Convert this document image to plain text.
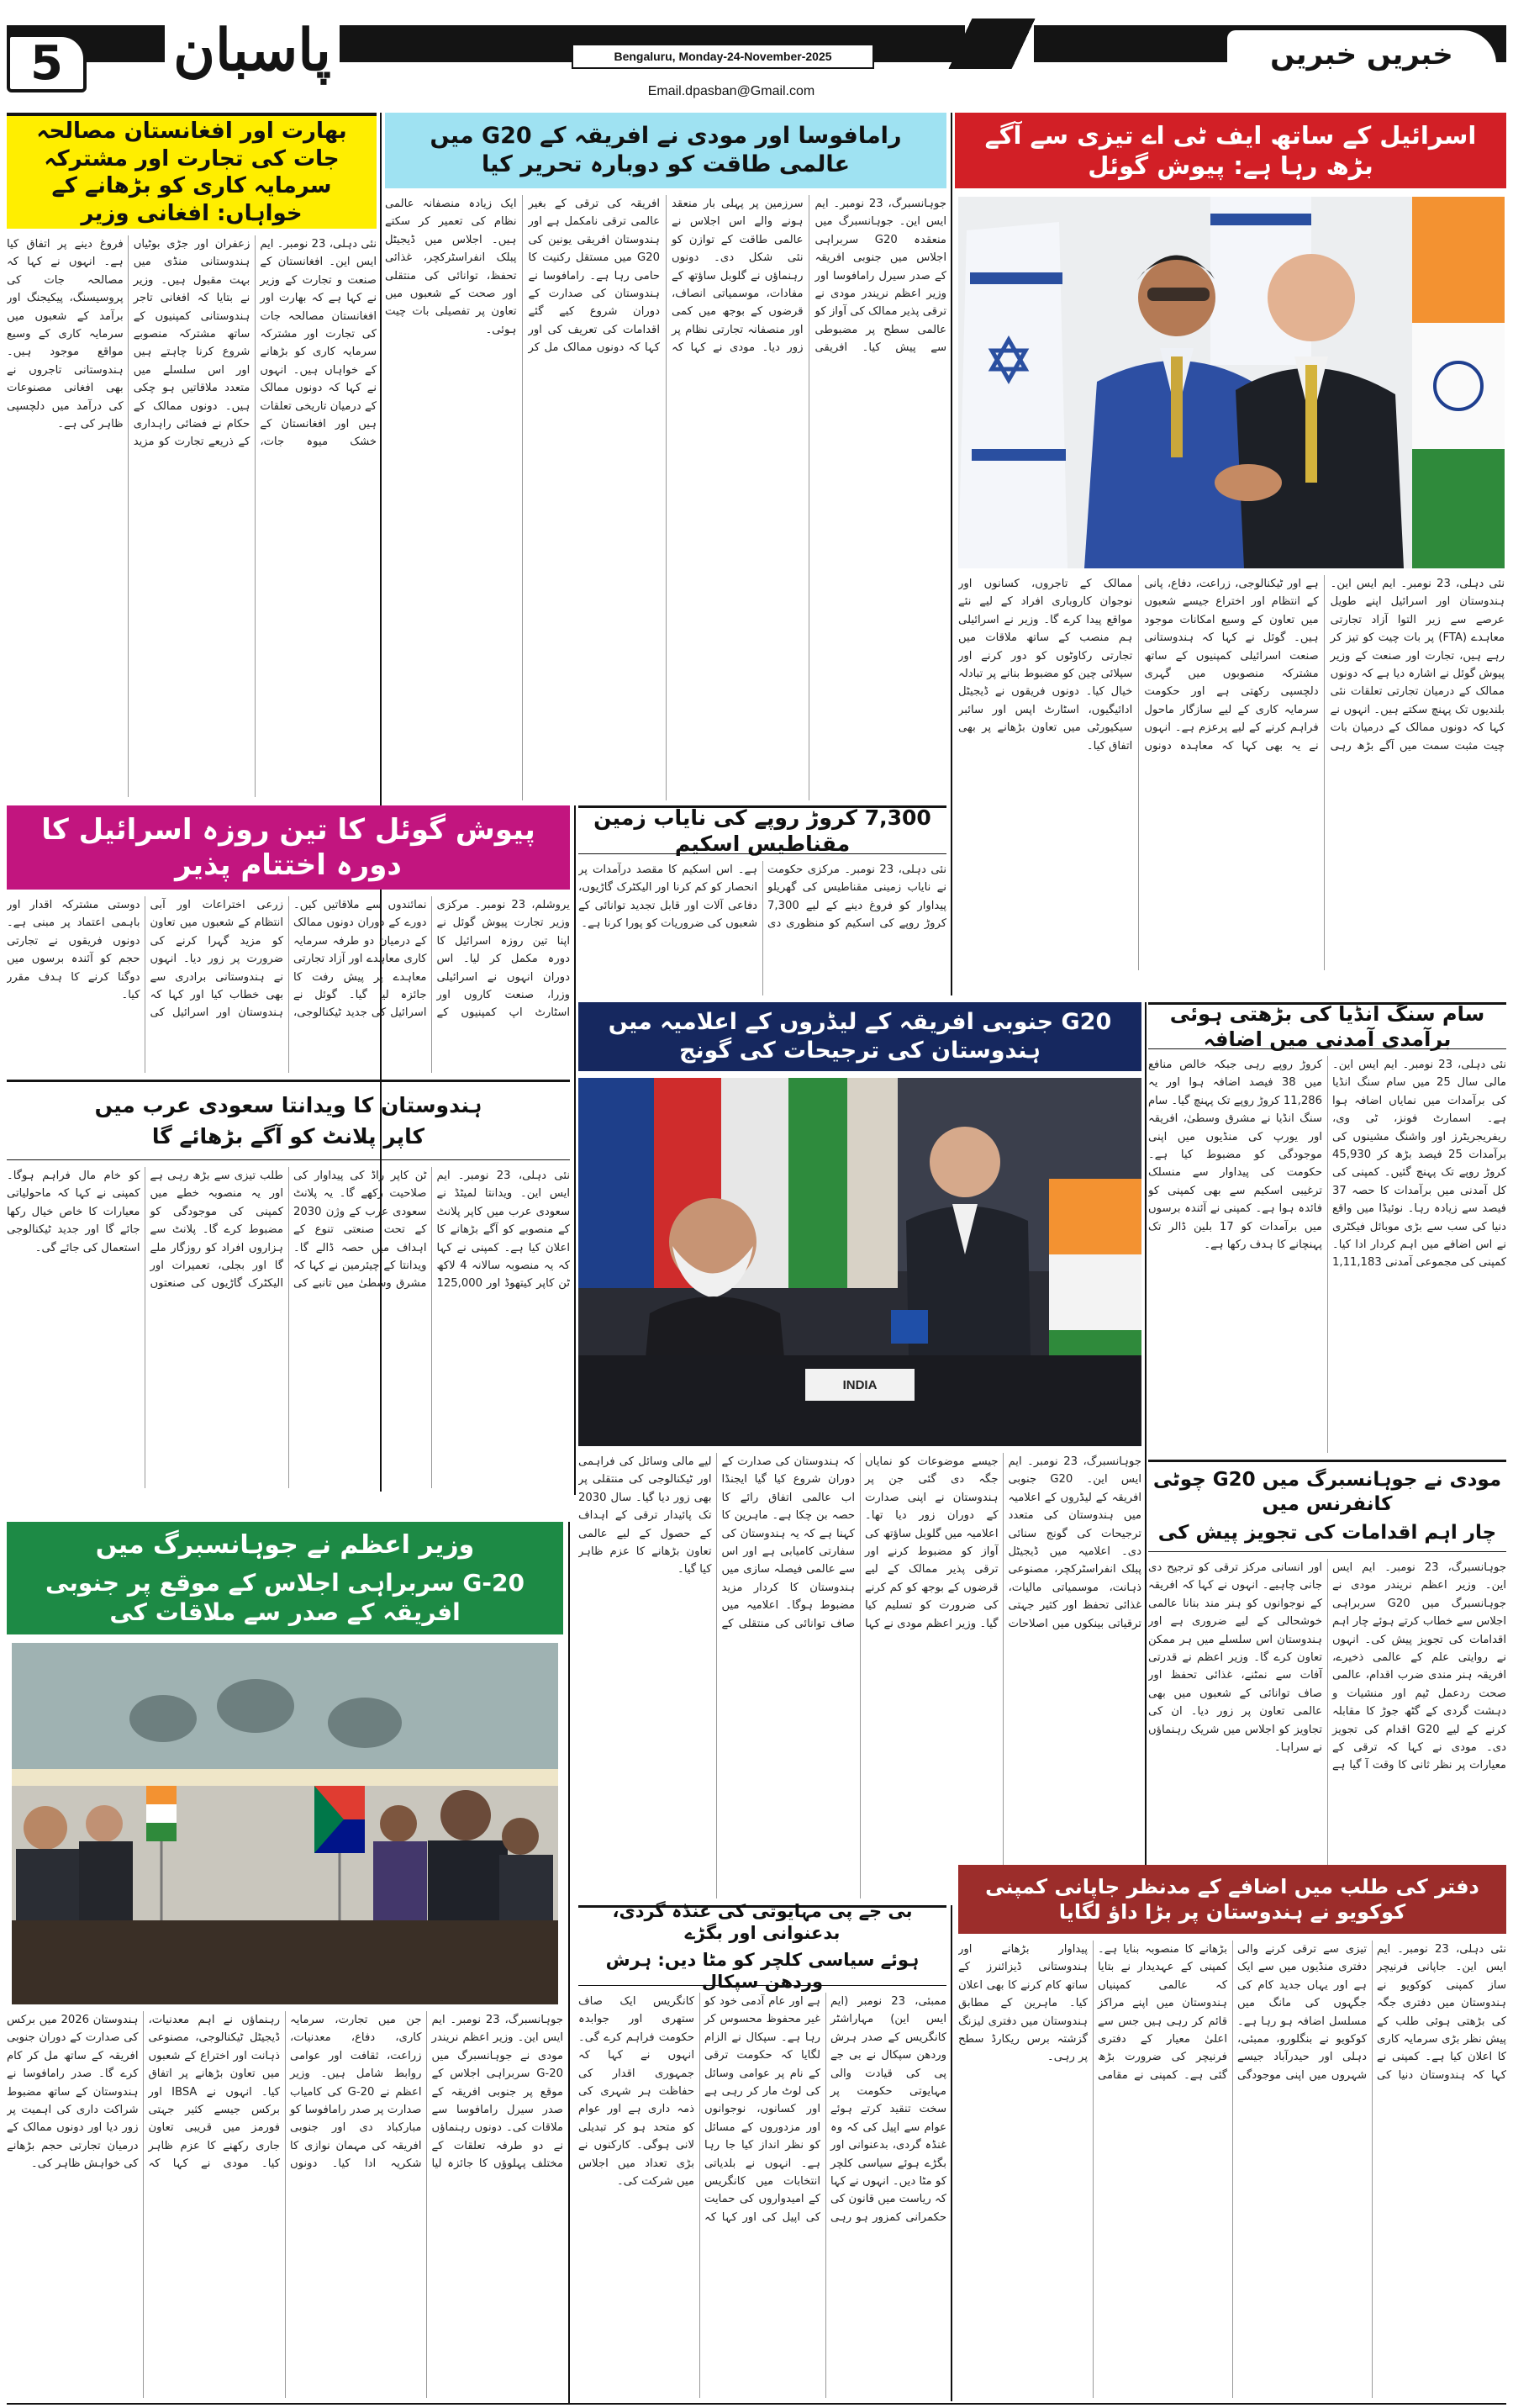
5 پاسبان	Bengaluru, Monday-24-November-2025
Email.dpasban@Gmail.com
خبریں خبریں
بھارت اور افغانستان مصالحہ جات کی تجارت اور مشترکہ سرمایہ کاری کو بڑھانے کے خواہاں: افغانی وزیر
رامافوسا اور مودی نے افریقہ کے G20 میں عالمی طاقت کو دوبارہ تحریر کیا
اسرائیل کے ساتھ ایف ٹی اے تیزی سے آگے بڑھ رہا ہے: پیوش گوئل

نئی دہلی، 23 نومبر۔ ایم ایس این۔ ہندوستان اور اسرائیل اپنے طویل عرصے سے زیر التوا آزاد تجارتی معاہدے (FTA) پر بات چیت کو تیز کر رہے ہیں، تجارت اور صنعت کے وزیر پیوش گوئل نے اشارہ دیا ہے کہ دونوں ممالک کے درمیان تجارتی تعلقات نئی بلندیوں تک پہنچ سکتے ہیں۔ انہوں نے کہا کہ دونوں ممالک کے درمیان بات چیت مثبت سمت میں آگے بڑھ رہی ہے اور ٹیکنالوجی، زراعت، دفاع، پانی کے انتظام اور اختراع جیسے شعبوں میں تعاون کے وسیع امکانات موجود ہیں۔ گوئل نے کہا کہ ہندوستانی صنعت اسرائیلی کمپنیوں کے ساتھ مشترکہ منصوبوں میں گہری دلچسپی رکھتی ہے اور حکومت سرمایہ کاری کے لیے سازگار ماحول فراہم کرنے کے لیے پرعزم ہے۔ انہوں نے یہ بھی کہا کہ معاہدہ دونوں ممالک کے تاجروں، کسانوں اور نوجوان کاروباری افراد کے لیے نئے مواقع پیدا کرے گا۔ وزیر نے اسرائیلی ہم منصب کے ساتھ ملاقات میں تجارتی رکاوٹوں کو دور کرنے اور سپلائی چین کو مضبوط بنانے پر تبادلہ خیال کیا۔ دونوں فریقوں نے ڈیجیٹل ادائیگیوں، اسٹارٹ اپس اور سائبر سیکیورٹی میں تعاون بڑھانے پر بھی اتفاق کیا۔

جوہانسبرگ، 23 نومبر۔ ایم ایس این۔ جوہانسبرگ میں منعقدہ G20 سربراہی اجلاس میں جنوبی افریقہ کے صدر سیرل رامافوسا اور وزیر اعظم نریندر مودی نے ترقی پذیر ممالک کی آواز کو عالمی سطح پر مضبوطی سے پیش کیا۔ افریقی سرزمین پر پہلی بار منعقد ہونے والے اس اجلاس نے عالمی طاقت کے توازن کو نئی شکل دی۔ دونوں رہنماؤں نے گلوبل ساؤتھ کے مفادات، موسمیاتی انصاف، قرضوں کے بوجھ میں کمی اور منصفانہ تجارتی نظام پر زور دیا۔ مودی نے کہا کہ افریقہ کی ترقی کے بغیر عالمی ترقی نامکمل ہے اور ہندوستان افریقی یونین کی G20 میں مستقل رکنیت کا حامی رہا ہے۔ رامافوسا نے ہندوستان کی صدارت کے دوران شروع کیے گئے اقدامات کی تعریف کی اور کہا کہ دونوں ممالک مل کر ایک زیادہ منصفانہ عالمی نظام کی تعمیر کر سکتے ہیں۔ اجلاس میں ڈیجیٹل پبلک انفراسٹرکچر، غذائی تحفظ، توانائی کی منتقلی اور صحت کے شعبوں میں تعاون پر تفصیلی بات چیت ہوئی۔

نئی دہلی، 23 نومبر۔ ایم ایس این۔ افغانستان کے صنعت و تجارت کے وزیر نے کہا ہے کہ بھارت اور افغانستان مصالحہ جات کی تجارت اور مشترکہ سرمایہ کاری کو بڑھانے کے خواہاں ہیں۔ انہوں نے کہا کہ دونوں ممالک کے درمیان تاریخی تعلقات ہیں اور افغانستان کے خشک میوہ جات، زعفران اور جڑی بوٹیاں ہندوستانی منڈی میں بہت مقبول ہیں۔ وزیر نے بتایا کہ افغانی تاجر ہندوستانی کمپنیوں کے ساتھ مشترکہ منصوبے شروع کرنا چاہتے ہیں اور اس سلسلے میں متعدد ملاقاتیں ہو چکی ہیں۔ دونوں ممالک کے حکام نے فضائی راہداری کے ذریعے تجارت کو مزید فروغ دینے پر اتفاق کیا ہے۔ انہوں نے کہا کہ مصالحہ جات کی پروسیسنگ، پیکیجنگ اور برآمد کے شعبوں میں سرمایہ کاری کے وسیع مواقع موجود ہیں۔ ہندوستانی تاجروں نے بھی افغانی مصنوعات کی درآمد میں دلچسپی ظاہر کی ہے۔

پیوش گوئل کا تین روزہ اسرائیل کا دورہ اختتام پذیر

یروشلم، 23 نومبر۔ مرکزی وزیر تجارت پیوش گوئل نے اپنا تین روزہ اسرائیل کا دورہ مکمل کر لیا۔ اس دوران انہوں نے اسرائیلی وزرا، صنعت کاروں اور اسٹارٹ اپ کمپنیوں کے نمائندوں سے ملاقاتیں کیں۔ دورے کے دوران دونوں ممالک کے درمیان دو طرفہ سرمایہ کاری معاہدے اور آزاد تجارتی معاہدے پر پیش رفت کا جائزہ لیا گیا۔ گوئل نے اسرائیل کی جدید ٹیکنالوجی، زرعی اختراعات اور آبی انتظام کے شعبوں میں تعاون کو مزید گہرا کرنے کی ضرورت پر زور دیا۔ انہوں نے ہندوستانی برادری سے بھی خطاب کیا اور کہا کہ ہندوستان اور اسرائیل کی دوستی مشترکہ اقدار اور باہمی اعتماد پر مبنی ہے۔ دونوں فریقوں نے تجارتی حجم کو آئندہ برسوں میں دوگنا کرنے کا ہدف مقرر کیا۔

7,300 کروڑ روپے کی نایاب زمین مقناطیس اسکیم

نئی دہلی، 23 نومبر۔ مرکزی حکومت نے نایاب زمینی مقناطیس کی گھریلو پیداوار کو فروغ دینے کے لیے 7,300 کروڑ روپے کی اسکیم کو منظوری دی ہے۔ اس اسکیم کا مقصد درآمدات پر انحصار کو کم کرنا اور الیکٹرک گاڑیوں، دفاعی آلات اور قابل تجدید توانائی کے شعبوں کی ضروریات کو پورا کرنا ہے۔

G20 جنوبی افریقہ کے لیڈروں کے اعلامیہ میں ہندوستان کی ترجیحات کی گونج
سام سنگ انڈیا کی بڑھتی ہوئی برآمدی آمدنی میں اضافہ

نئی دہلی، 23 نومبر۔ ایم ایس این۔ مالی سال 25 میں سام سنگ انڈیا کی برآمدات میں نمایاں اضافہ ہوا ہے۔ اسمارٹ فونز، ٹی وی، ریفریجریٹرز اور واشنگ مشینوں کی برآمدات 25 فیصد بڑھ کر 45,930 کروڑ روپے تک پہنچ گئیں۔ کمپنی کی کل آمدنی میں برآمدات کا حصہ 37 فیصد سے زیادہ رہا۔ نوئیڈا میں واقع دنیا کی سب سے بڑی موبائل فیکٹری نے اس اضافے میں اہم کردار ادا کیا۔ کمپنی کی مجموعی آمدنی 1,11,183 کروڑ روپے رہی جبکہ خالص منافع میں 38 فیصد اضافہ ہوا اور یہ 11,286 کروڑ روپے تک پہنچ گیا۔ سام سنگ انڈیا نے مشرق وسطیٰ، افریقہ اور یورپ کی منڈیوں میں اپنی موجودگی کو مضبوط کیا ہے۔ حکومت کی پیداوار سے منسلک ترغیبی اسکیم سے بھی کمپنی کو فائدہ ہوا ہے۔ کمپنی نے آئندہ برسوں میں برآمدات کو 17 بلین ڈالر تک پہنچانے کا ہدف رکھا ہے۔

INDIA

جوہانسبرگ، 23 نومبر۔ ایم ایس این۔ G20 جنوبی افریقہ کے لیڈروں کے اعلامیہ میں ہندوستان کی متعدد ترجیحات کی گونج سنائی دی۔ اعلامیہ میں ڈیجیٹل پبلک انفراسٹرکچر، مصنوعی ذہانت، موسمیاتی مالیات، غذائی تحفظ اور کثیر جہتی ترقیاتی بینکوں میں اصلاحات جیسے موضوعات کو نمایاں جگہ دی گئی جن پر ہندوستان نے اپنی صدارت کے دوران زور دیا تھا۔ اعلامیہ میں گلوبل ساؤتھ کی آواز کو مضبوط کرنے اور ترقی پذیر ممالک کے لیے قرضوں کے بوجھ کو کم کرنے کی ضرورت کو تسلیم کیا گیا۔ وزیر اعظم مودی نے کہا کہ ہندوستان کی صدارت کے دوران شروع کیا گیا ایجنڈا اب عالمی اتفاق رائے کا حصہ بن چکا ہے۔ ماہرین کا کہنا ہے کہ یہ ہندوستان کی سفارتی کامیابی ہے اور اس سے عالمی فیصلہ سازی میں ہندوستان کا کردار مزید مضبوط ہوگا۔ اعلامیہ میں صاف توانائی کی منتقلی کے لیے مالی وسائل کی فراہمی اور ٹیکنالوجی کی منتقلی پر بھی زور دیا گیا۔ سال 2030 تک پائیدار ترقی کے اہداف کے حصول کے لیے عالمی تعاون بڑھانے کا عزم ظاہر کیا گیا۔

ہندوستان کا ویدانتا سعودی عرب میں
کاپر پلانٹ کو آگے بڑھائے گا

نئی دہلی، 23 نومبر۔ ایم ایس این۔ ویدانتا لمیٹڈ نے سعودی عرب میں کاپر پلانٹ کے منصوبے کو آگے بڑھانے کا اعلان کیا ہے۔ کمپنی نے کہا کہ یہ منصوبہ سالانہ 4 لاکھ ٹن کاپر کیتھوڈ اور 125,000 ٹن کاپر راڈ کی پیداوار کی صلاحیت رکھے گا۔ یہ پلانٹ سعودی عرب کے وژن 2030 کے تحت صنعتی تنوع کے اہداف میں حصہ ڈالے گا۔ ویدانتا کے چیئرمین نے کہا کہ مشرق وسطیٰ میں تانبے کی طلب تیزی سے بڑھ رہی ہے اور یہ منصوبہ خطے میں کمپنی کی موجودگی کو مضبوط کرے گا۔ پلانٹ سے ہزاروں افراد کو روزگار ملے گا اور بجلی، تعمیرات اور الیکٹرک گاڑیوں کی صنعتوں کو خام مال فراہم ہوگا۔ کمپنی نے کہا کہ ماحولیاتی معیارات کا خاص خیال رکھا جائے گا اور جدید ٹیکنالوجی استعمال کی جائے گی۔

مودی نے جوہانسبرگ میں G20 چوٹی کانفرنس میں
چار اہم اقدامات کی تجویز پیش کی

جوہانسبرگ، 23 نومبر۔ ایم ایس این۔ وزیر اعظم نریندر مودی نے جوہانسبرگ میں G20 سربراہی اجلاس سے خطاب کرتے ہوئے چار اہم اقدامات کی تجویز پیش کی۔ انہوں نے روایتی علم کے عالمی ذخیرے، افریقہ ہنر مندی ضرب اقدام، عالمی صحت ردعمل ٹیم اور منشیات و دہشت گردی کے گٹھ جوڑ کا مقابلہ کرنے کے لیے G20 اقدام کی تجویز دی۔ مودی نے کہا کہ ترقی کے معیارات پر نظر ثانی کا وقت آ گیا ہے اور انسانی مرکز ترقی کو ترجیح دی جانی چاہیے۔ انہوں نے کہا کہ افریقہ کے نوجوانوں کو ہنر مند بنانا عالمی خوشحالی کے لیے ضروری ہے اور ہندوستان اس سلسلے میں ہر ممکن تعاون کرے گا۔ وزیر اعظم نے قدرتی آفات سے نمٹنے، غذائی تحفظ اور صاف توانائی کے شعبوں میں بھی عالمی تعاون پر زور دیا۔ ان کی تجاویز کو اجلاس میں شریک رہنماؤں نے سراہا۔

وزیر اعظم نے جوہانسبرگ میں
G-20 سربراہی اجلاس کے موقع پر جنوبی افریقہ کے صدر سے ملاقات کی

جوہانسبرگ، 23 نومبر۔ ایم ایس این۔ وزیر اعظم نریندر مودی نے جوہانسبرگ میں G-20 سربراہی اجلاس کے موقع پر جنوبی افریقہ کے صدر سیرل رامافوسا سے ملاقات کی۔ دونوں رہنماؤں نے دو طرفہ تعلقات کے مختلف پہلوؤں کا جائزہ لیا جن میں تجارت، سرمایہ کاری، دفاع، معدنیات، زراعت، ثقافت اور عوامی روابط شامل ہیں۔ وزیر اعظم نے G-20 کی کامیاب صدارت پر صدر رامافوسا کو مبارکباد دی اور جنوبی افریقہ کی مہمان نوازی کا شکریہ ادا کیا۔ دونوں رہنماؤں نے اہم معدنیات، ڈیجیٹل ٹیکنالوجی، مصنوعی ذہانت اور اختراع کے شعبوں میں تعاون بڑھانے پر اتفاق کیا۔ انہوں نے IBSA اور برکس جیسے کثیر جہتی فورمز میں قریبی تعاون جاری رکھنے کا عزم ظاہر کیا۔ مودی نے کہا کہ ہندوستان 2026 میں برکس کی صدارت کے دوران جنوبی افریقہ کے ساتھ مل کر کام کرے گا۔ صدر رامافوسا نے ہندوستان کے ساتھ مضبوط شراکت داری کی اہمیت پر زور دیا اور دونوں ممالک کے درمیان تجارتی حجم بڑھانے کی خواہش ظاہر کی۔

بی جے پی مہایوتی کی غنڈہ گردی، بدعنوانی اور بگڑے
ہوئے سیاسی کلچر کو مٹا دیں: ہرش وردھن سپکال

ممبئی، 23 نومبر (ایم ایس این) مہاراشٹر کانگریس کے صدر ہرش وردھن سپکال نے بی جے پی کی قیادت والی مہایوتی حکومت پر سخت تنقید کرتے ہوئے عوام سے اپیل کی کہ وہ غنڈہ گردی، بدعنوانی اور بگڑے ہوئے سیاسی کلچر کو مٹا دیں۔ انہوں نے کہا کہ ریاست میں قانون کی حکمرانی کمزور ہو رہی ہے اور عام آدمی خود کو غیر محفوظ محسوس کر رہا ہے۔ سپکال نے الزام لگایا کہ حکومت ترقی کے نام پر عوامی وسائل کی لوٹ مار کر رہی ہے اور کسانوں، نوجوانوں اور مزدوروں کے مسائل کو نظر انداز کیا جا رہا ہے۔ انہوں نے بلدیاتی انتخابات میں کانگریس کے امیدواروں کی حمایت کی اپیل کی اور کہا کہ کانگریس ایک صاف ستھری اور جوابدہ حکومت فراہم کرے گی۔ انہوں نے کہا کہ جمہوری اقدار کی حفاظت ہر شہری کی ذمہ داری ہے اور عوام کو متحد ہو کر تبدیلی لانی ہوگی۔ کارکنوں نے بڑی تعداد میں اجلاس میں شرکت کی۔

دفتر کی طلب میں اضافے کے مدنظر جاپانی کمپنی کوکویو نے ہندوستان پر بڑا داؤ لگایا

نئی دہلی، 23 نومبر۔ ایم ایس این۔ جاپانی فرنیچر ساز کمپنی کوکویو نے ہندوستان میں دفتری جگہ کی بڑھتی ہوئی طلب کے پیش نظر بڑی سرمایہ کاری کا اعلان کیا ہے۔ کمپنی نے کہا کہ ہندوستان دنیا کی تیزی سے ترقی کرنے والی دفتری منڈیوں میں سے ایک ہے اور یہاں جدید کام کی جگہوں کی مانگ میں مسلسل اضافہ ہو رہا ہے۔ کوکویو نے بنگلورو، ممبئی، دہلی اور حیدرآباد جیسے شہروں میں اپنی موجودگی بڑھانے کا منصوبہ بنایا ہے۔ کمپنی کے عہدیدار نے بتایا کہ عالمی کمپنیاں ہندوستان میں اپنے مراکز قائم کر رہی ہیں جس سے اعلیٰ معیار کے دفتری فرنیچر کی ضرورت بڑھ گئی ہے۔ کمپنی نے مقامی پیداوار بڑھانے اور ہندوستانی ڈیزائنرز کے ساتھ کام کرنے کا بھی اعلان کیا۔ ماہرین کے مطابق ہندوستان میں دفتری لیزنگ گزشتہ برس ریکارڈ سطح پر رہی۔
